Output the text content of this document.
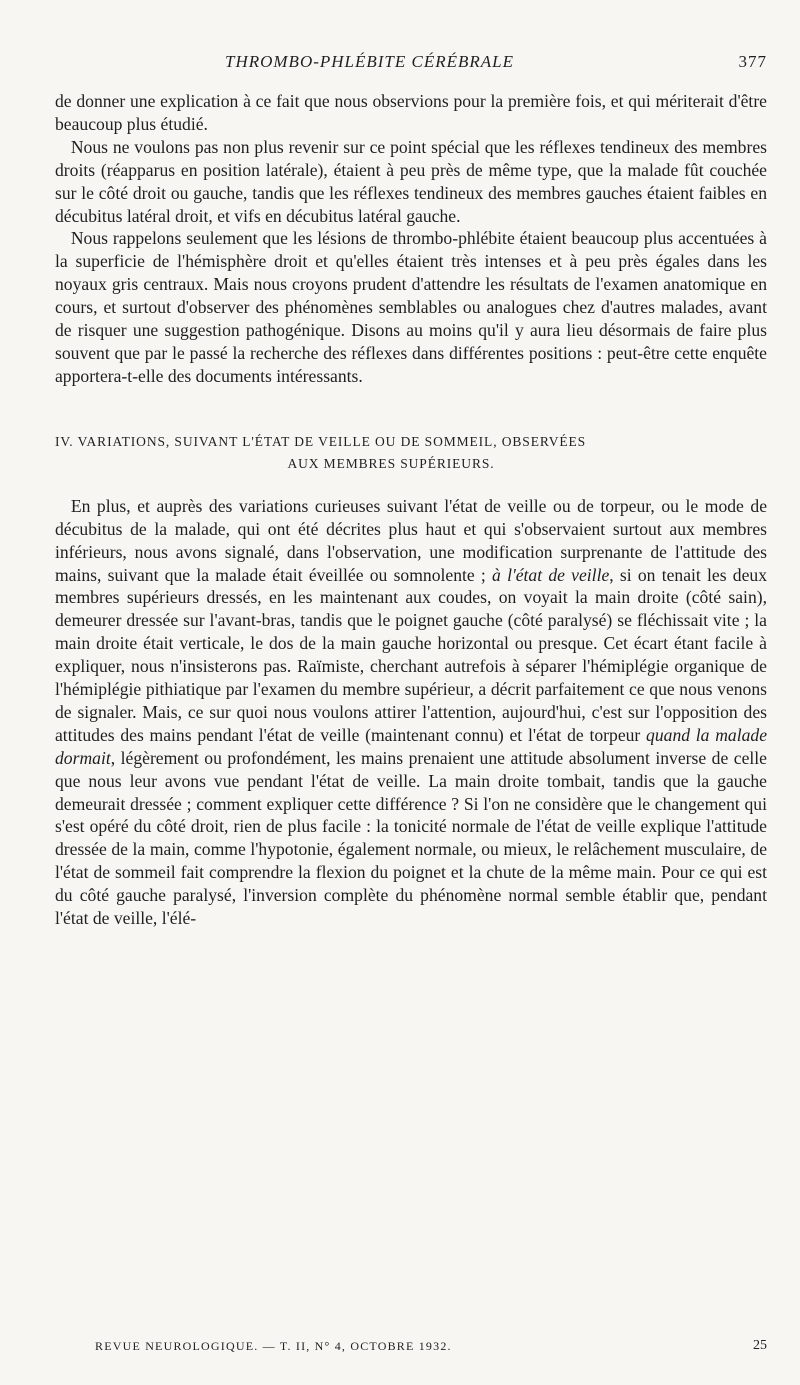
THROMBO-PHLÉBITE CÉRÉBRALE	377

de donner une explication à ce fait que nous observions pour la première fois, et qui mériterait d'être beaucoup plus étudié.

Nous ne voulons pas non plus revenir sur ce point spécial que les réflexes tendineux des membres droits (réapparus en position latérale), étaient à peu près de même type, que la malade fût couchée sur le côté droit ou gauche, tandis que les réflexes tendineux des membres gauches étaient faibles en décubitus latéral droit, et vifs en décubitus latéral gauche.

Nous rappelons seulement que les lésions de thrombo-phlébite étaient beaucoup plus accentuées à la superficie de l'hémisphère droit et qu'elles étaient très intenses et à peu près égales dans les noyaux gris centraux. Mais nous croyons prudent d'attendre les résultats de l'examen anatomique en cours, et surtout d'observer des phénomènes semblables ou analogues chez d'autres malades, avant de risquer une suggestion pathogénique. Disons au moins qu'il y aura lieu désormais de faire plus souvent que par le passé la recherche des réflexes dans différentes positions : peut-être cette enquête apportera-t-elle des documents intéressants.

IV. VARIATIONS, SUIVANT L'ÉTAT DE VEILLE OU DE SOMMEIL, OBSERVÉES
AUX MEMBRES SUPÉRIEURS.

En plus, et auprès des variations curieuses suivant l'état de veille ou de torpeur, ou le mode de décubitus de la malade, qui ont été décrites plus haut et qui s'observaient surtout aux membres inférieurs, nous avons signalé, dans l'observation, une modification surprenante de l'attitude des mains, suivant que la malade était éveillée ou somnolente ; à l'état de veille, si on tenait les deux membres supérieurs dressés, en les maintenant aux coudes, on voyait la main droite (côté sain), demeurer dressée sur l'avant-bras, tandis que le poignet gauche (côté paralysé) se fléchissait vite ; la main droite était verticale, le dos de la main gauche horizontal ou presque. Cet écart étant facile à expliquer, nous n'insisterons pas. Raïmiste, cherchant autrefois à séparer l'hémiplégie organique de l'hémiplégie pithiatique par l'examen du membre supérieur, a décrit parfaitement ce que nous venons de signaler. Mais, ce sur quoi nous voulons attirer l'attention, aujourd'hui, c'est sur l'opposition des attitudes des mains pendant l'état de veille (maintenant connu) et l'état de torpeur quand la malade dormait, légèrement ou profondément, les mains prenaient une attitude absolument inverse de celle que nous leur avons vue pendant l'état de veille. La main droite tombait, tandis que la gauche demeurait dressée ; comment expliquer cette différence ? Si l'on ne considère que le changement qui s'est opéré du côté droit, rien de plus facile : la tonicité normale de l'état de veille explique l'attitude dressée de la main, comme l'hypotonie, également normale, ou mieux, le relâchement musculaire, de l'état de sommeil fait comprendre la flexion du poignet et la chute de la même main. Pour ce qui est du côté gauche paralysé, l'inversion complète du phénomène normal semble établir que, pendant l'état de veille, l'élé-

REVUE NEUROLOGIQUE. — T. II, N° 4, OCTOBRE 1932.	25
